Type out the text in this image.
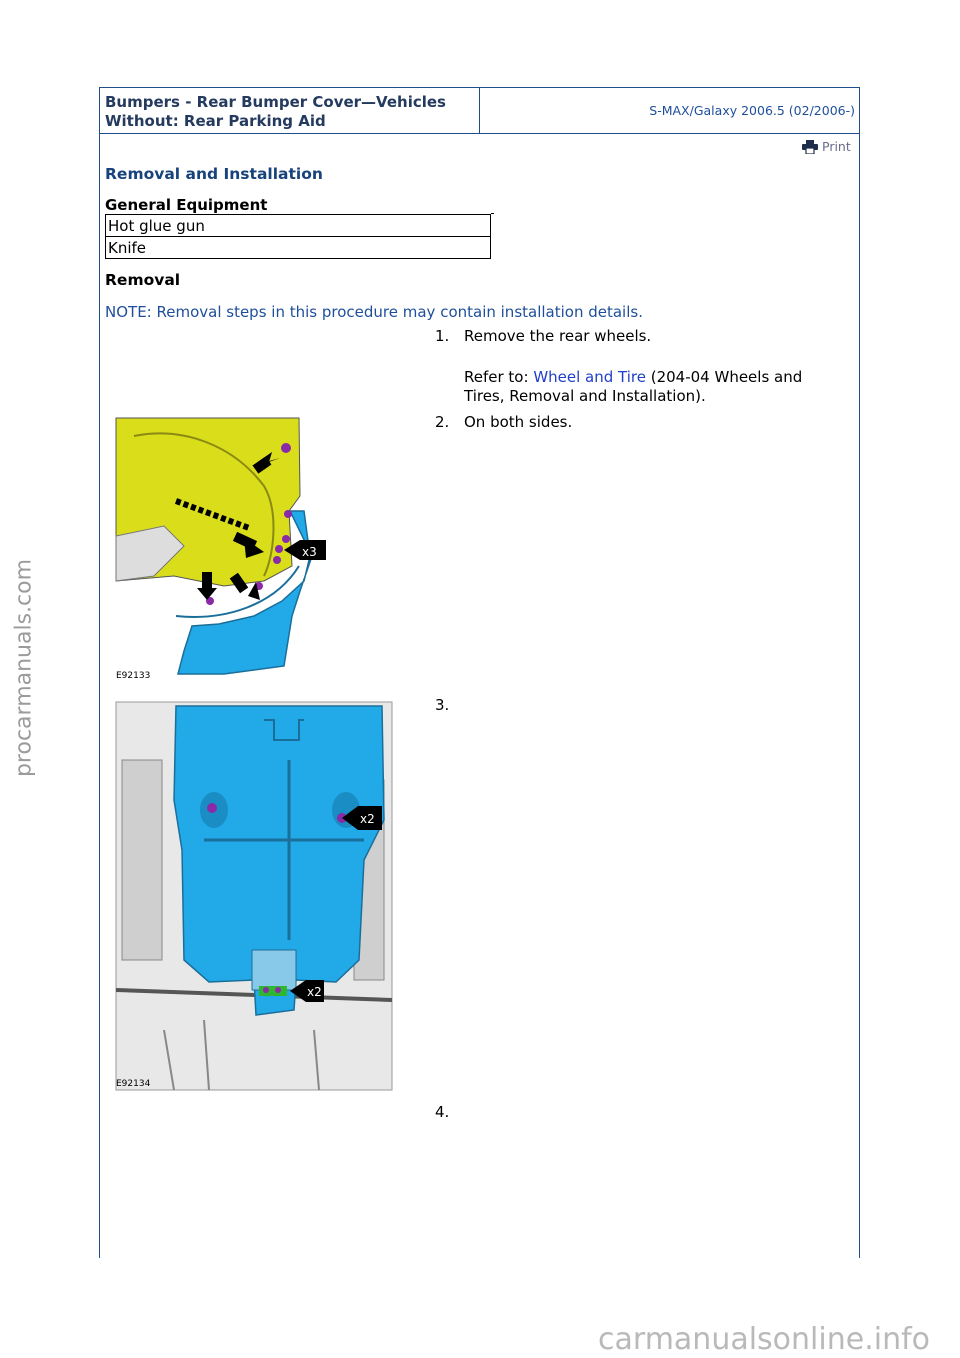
Bumpers - Rear Bumper Cover—Vehicles
Without: Rear Parking Aid
S-MAX/Galaxy 2006.5 (02/2006-)
Print
Removal and Installation
General Equipment
Hot glue gun
Knife
Removal
NOTE: Removal steps in this procedure may contain installation details.
1. Remove the rear wheels.
Refer to: Wheel and Tire (204-04 Wheels and
Tires, Removal and Installation).
2. On both sides.
3.
4.
x3
E92133
x2
x2
E92134
procarmanuals.com
carmanualsonline.info
